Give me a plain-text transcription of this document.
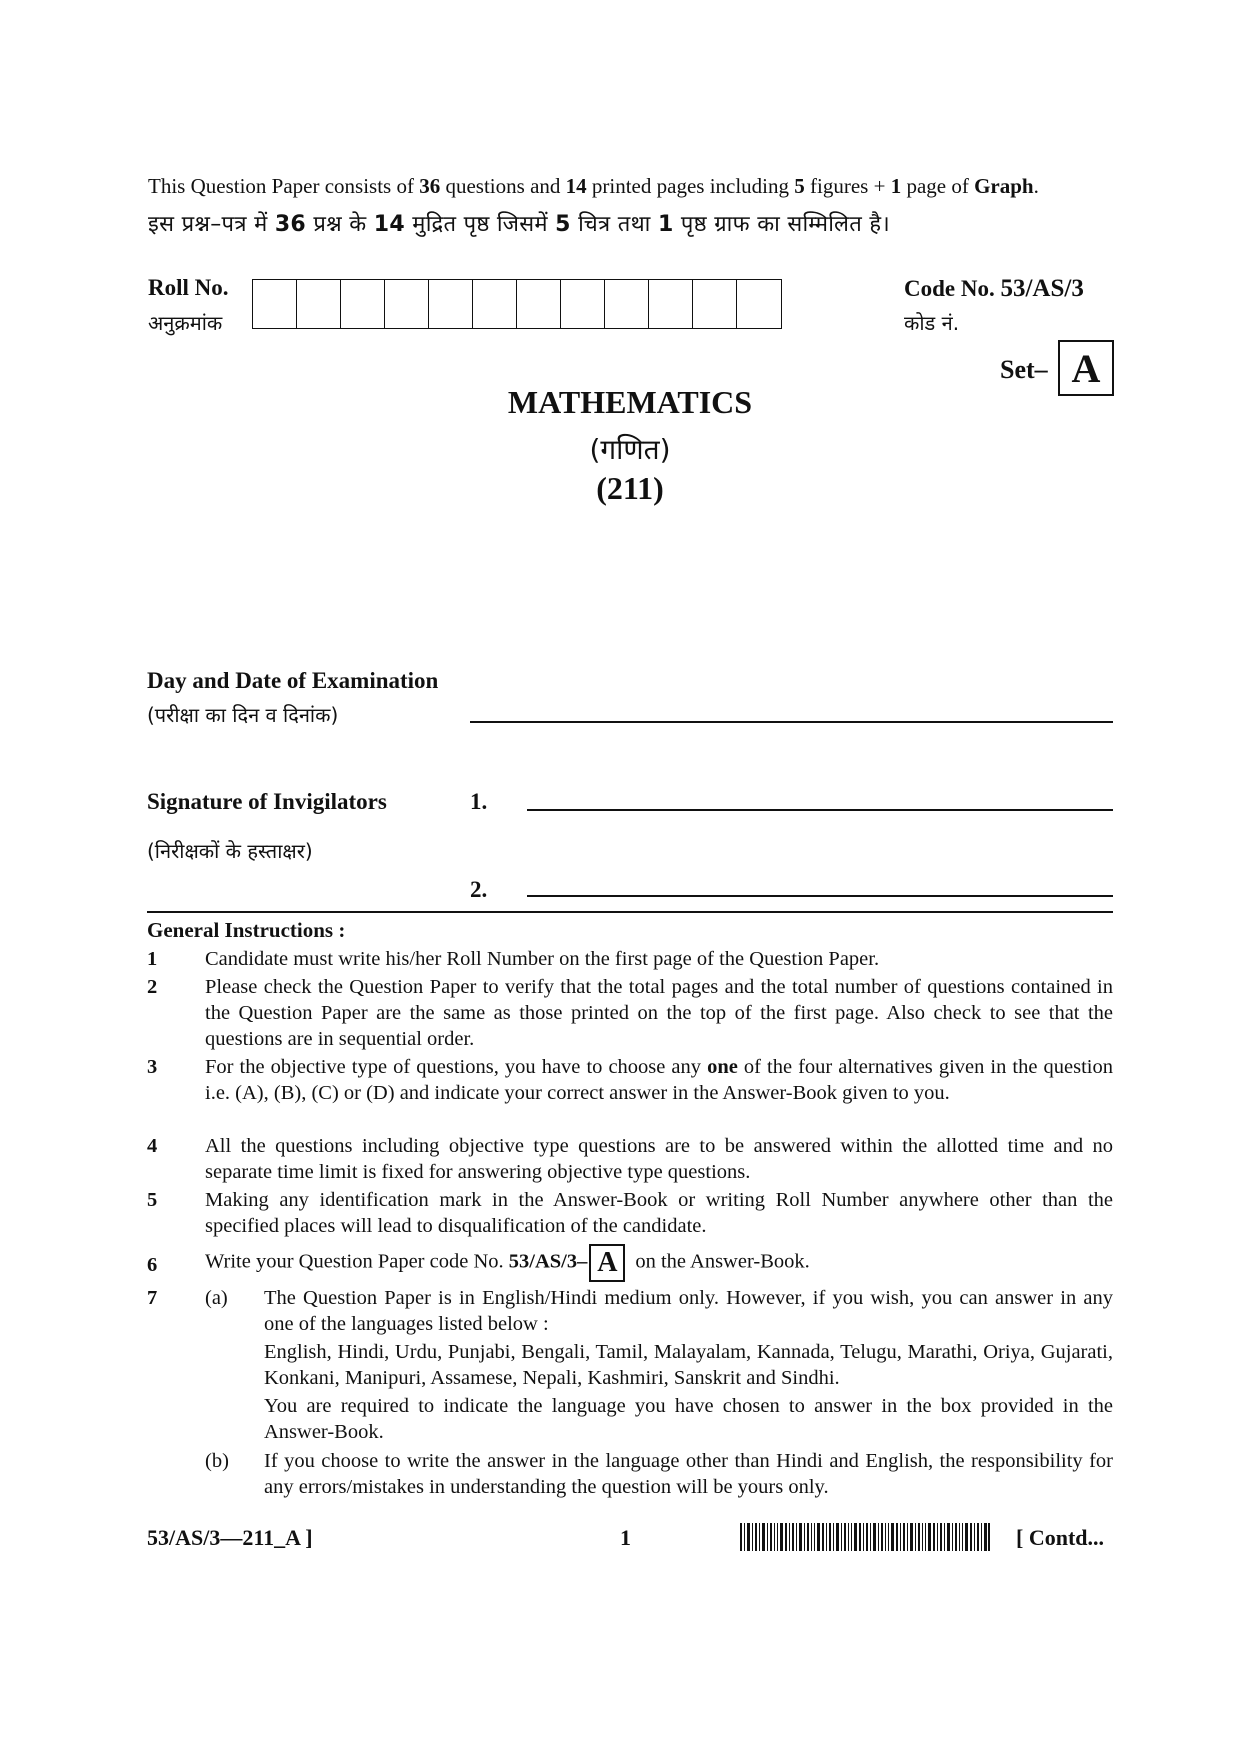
This Question Paper consists of 36 questions and 14 printed pages including 5 figures + 1 page of Graph.
इस प्रश्न–पत्र में 36 प्रश्न के 14 मुद्रित पृष्ठ जिसमें 5 चित्र तथा 1 पृष्ठ ग्राफ का सम्मिलित है।
Roll No.
अनुक्रमांक
Code No. 53/AS/3
कोड नं.
Set– A
MATHEMATICS
(गणित)
(211)
Day and Date of Examination
(परीक्षा का दिन व दिनांक)
Signature of Invigilators	1.
(निरीक्षकों के हस्ताक्षर)
2.
General Instructions :
1 Candidate must write his/her Roll Number on the first page of the Question Paper.
2 Please check the Question Paper to verify that the total pages and the total number of questions contained in the Question Paper are the same as those printed on the top of the first page. Also check to see that the questions are in sequential order.
3 For the objective type of questions, you have to choose any one of the four alternatives given in the question i.e. (A), (B), (C) or (D) and indicate your correct answer in the Answer-Book given to you.
4 All the questions including objective type questions are to be answered within the allotted time and no separate time limit is fixed for answering objective type questions.
5 Making any identification mark in the Answer-Book or writing Roll Number anywhere other than the specified places will lead to disqualification of the candidate.
6 Write your Question Paper code No. 53/AS/3– A on the Answer-Book.
7 (a) The Question Paper is in English/Hindi medium only. However, if you wish, you can answer in any one of the languages listed below :
English, Hindi, Urdu, Punjabi, Bengali, Tamil, Malayalam, Kannada, Telugu, Marathi, Oriya, Gujarati, Konkani, Manipuri, Assamese, Nepali, Kashmiri, Sanskrit and Sindhi.
You are required to indicate the language you have chosen to answer in the box provided in the Answer-Book.
(b) If you choose to write the answer in the language other than Hindi and English, the responsibility for any errors/mistakes in understanding the question will be yours only.
53/AS/3—211_A ]	1	[ Contd...
